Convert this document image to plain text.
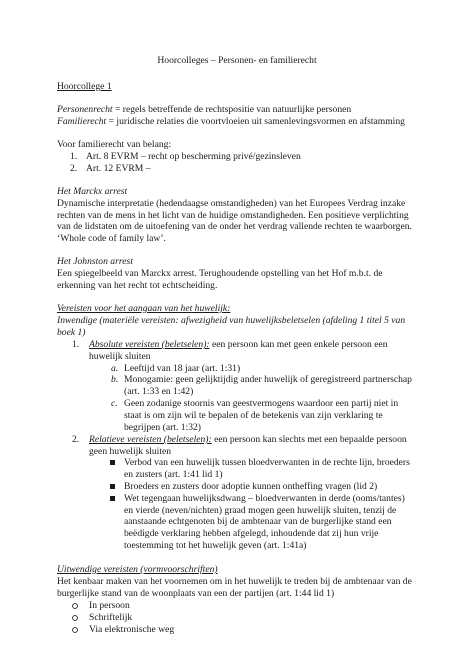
Hoorcolleges – Personen- en familierecht
Hoorcollege 1
Personenrecht = regels betreffende de rechtspositie van natuurlijke personen
Familierecht = juridische relaties die voortvloeien uit samenlevingsvormen en afstamming
Voor familierecht van belang:
1. Art. 8 EVRM – recht op bescherming privé/gezinsleven
2. Art. 12 EVRM –
Het Marckx arrest
Dynamische interpretatie (hedendaagse omstandigheden) van het Europees Verdrag inzake
rechten van de mens in het licht van de huidige omstandigheden. Een positieve verplichting
van de lidstaten om de uitoefening van de onder het verdrag vallende rechten te waarborgen.
‘Whole code of family law’.
Het Johnston arrest
Een spiegelbeeld van Marckx arrest. Terughoudende opstelling van het Hof m.b.t. de
erkenning van het recht tot echtscheiding.
Vereisten voor het aangaan van het huwelijk:
Inwendige (materiële vereisten: afwezigheid van huwelijksbeletselen (afdeling 1 titel 5 van
boek 1)
1. Absolute vereisten (beletselen): een persoon kan met geen enkele persoon een
huwelijk sluiten
a. Leeftijd van 18 jaar (art. 1:31)
b. Monogamie: geen gelijktijdig ander huwelijk of geregistreerd partnerschap
(art. 1:33 en 1:42)
c. Geen zodanige stoornis van geestvermogens waardoor een partij niet in
staat is om zijn wil te bepalen of de betekenis van zijn verklaring te
begrijpen (art. 1:32)
2. Relatieve vereisten (beletselen): een persoon kan slechts met een bepaalde persoon
geen huwelijk sluiten
Verbod van een huwelijk tussen bloedverwanten in de rechte lijn, broeders
en zusters (art. 1:41 lid 1)
Broeders en zusters door adoptie kunnen ontheffing vragen (lid 2)
Wet tegengaan huwelijksdwang – bloedverwanten in derde (ooms/tantes)
en vierde (neven/nichten) graad mogen geen huwelijk sluiten, tenzij de
aanstaande echtgenoten bij de ambtenaar van de burgerlijke stand een
beëdigde verklaring hebben afgelegd, inhoudende dat zij hun vrije
toestemming tot het huwelijk geven (art. 1:41a)
Uitwendige vereisten (vormvoorschriften)
Het kenbaar maken van het voornemen om in het huwelijk te treden bij de ambtenaar van de
burgerlijke stand van de woonplaats van een der partijen (art. 1:44 lid 1)
In persoon
Schriftelijk
Via elektronische weg
